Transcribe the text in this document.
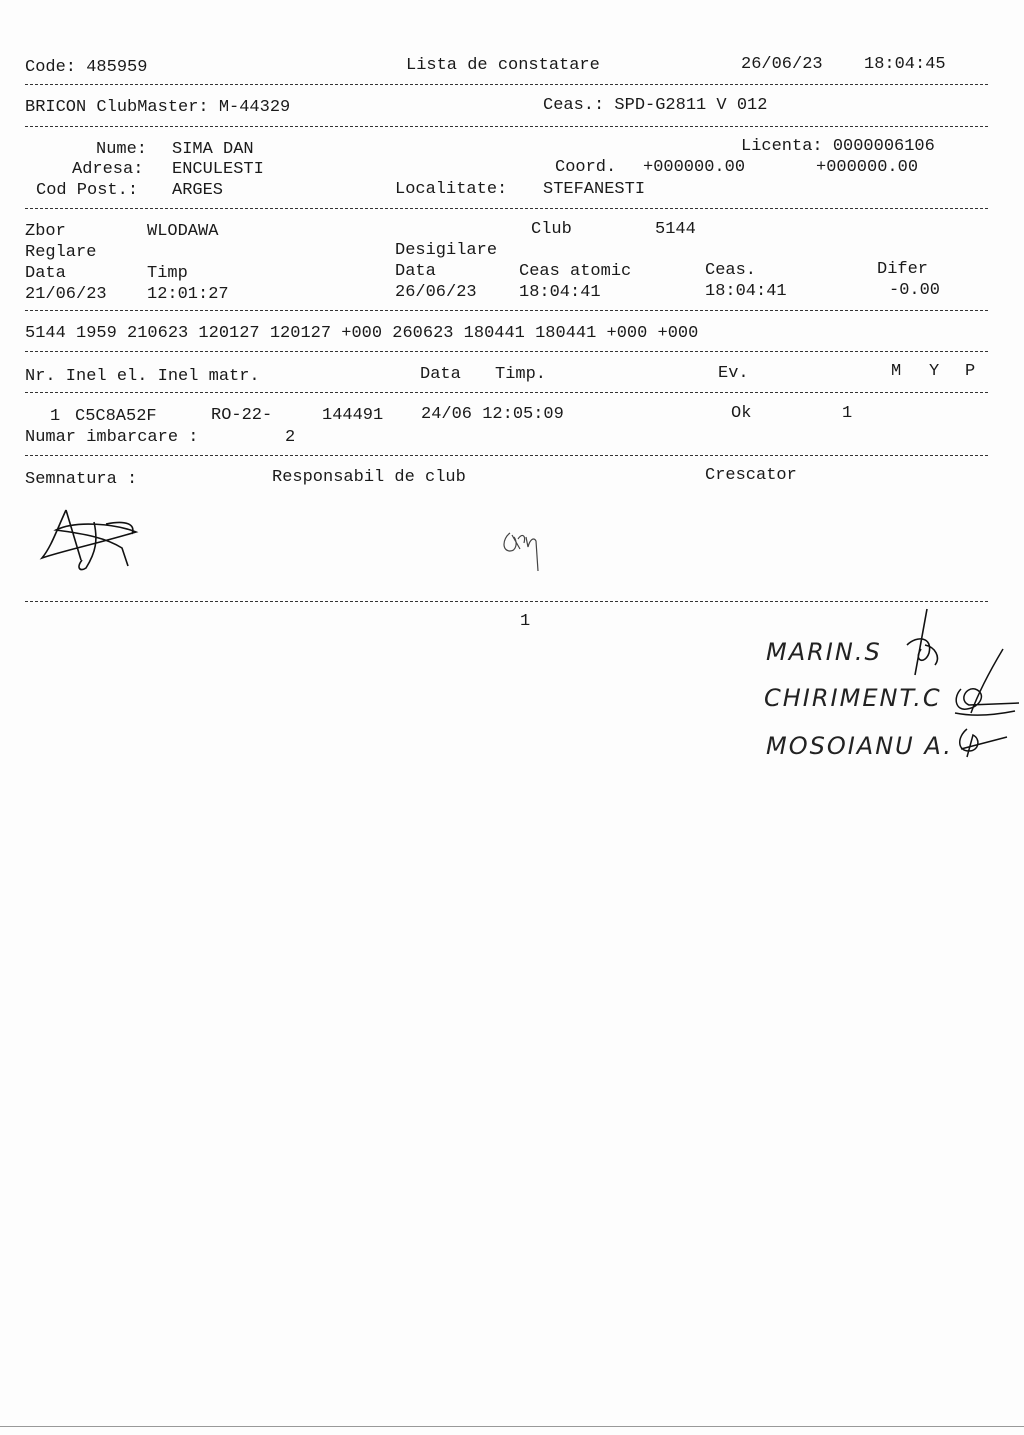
Code: 485959	Lista de constatare	26/06/23 18:04:45
BRICON ClubMaster: M-44329	Ceas.: SPD-G2811 V 012
Nume: SIMA DAN	Licenta: 0000006106
Adresa: ENCULESTI	Coord. +000000.00	+000000.00
Cod Post.: ARGES	Localitate: STEFANESTI
Zbor	WLODAWA	Club	5144
Reglare	Desigilare
Data	Timp	Data	Ceas atomic	Ceas.	Difer
21/06/23 12:01:27	26/06/23 18:04:41	18:04:41	-0.00
5144 1959 210623 120127 120127 +000 260623 180441 180441 +000 +000
Nr. Inel el. Inel matr.	Data Timp.	Ev.	M Y P
1 C5C8A52F	RO-22-	144491 24/06 12:05:09	Ok	1
Numar imbarcare :	2
Semnatura :	Responsabil de club	Crescator
1
MARIN.S
CHIRIMENT.C
MOSOIANU A.
